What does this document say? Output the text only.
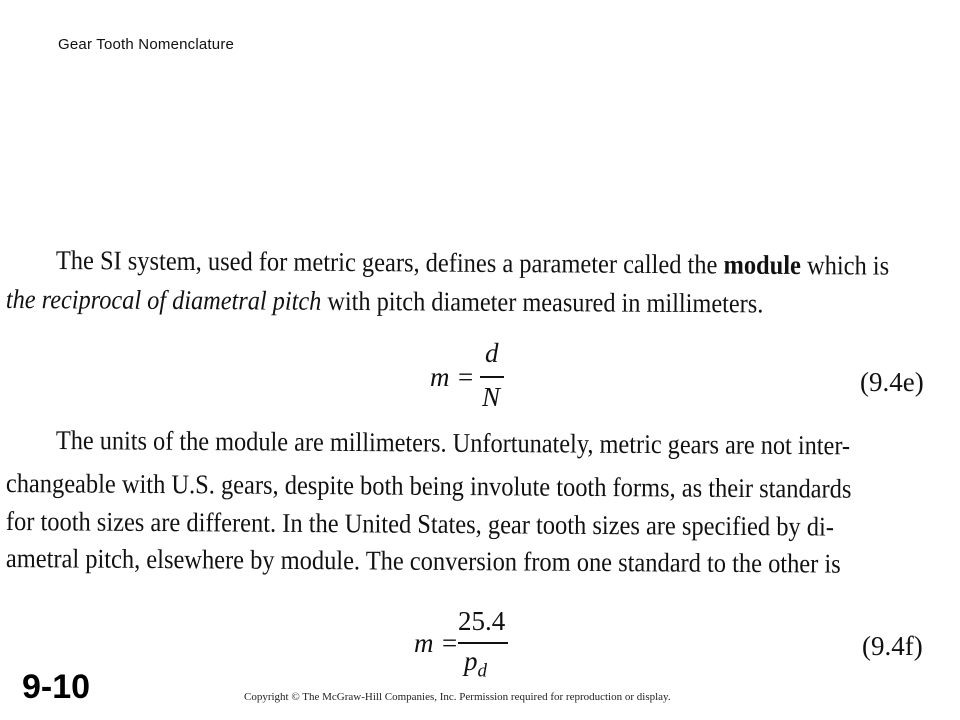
Gear Tooth Nomenclature
The SI system, used for metric gears, defines a parameter called the module which is
the reciprocal of diametral pitch with pitch diameter measured in millimeters.
m =
d
N	(9.4e)
The units of the module are millimeters. Unfortunately, metric gears are not inter-
changeable with U.S. gears, despite both being involute tooth forms, as their standards
for tooth sizes are different. In the United States, gear tooth sizes are specified by di-
ametral pitch, elsewhere by module. The conversion from one standard to the other is
m =
25.4
$p_d$
(9.4f)
9-10	Copyright © The McGraw-Hill Companies, Inc. Permission required for reproduction or display.
